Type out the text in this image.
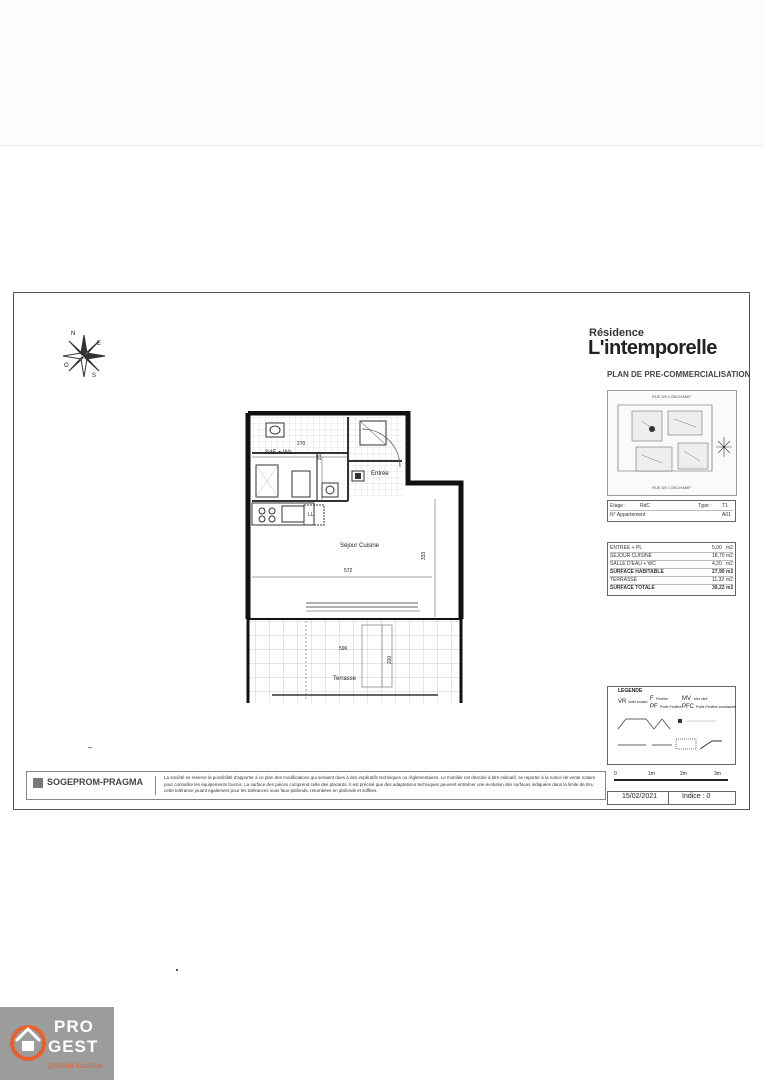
N
E
S
O
Résidence
L'intemporelle
PLAN DE PRE-COMMERCIALISATION
SdE + Wc
Entrée
Séjour Cuisine
Terrasse
LL
270
213
572
333
596
200
RUE DE LONCHAMP
RUE DE LONCHAMP
Etage :	RdC	Type : T1
N° Appartement	A01
ENTREE + PL	5,00 m2
SEJOUR CUISINE	18,70 m2
SALLE D'EAU + WC	4,20 m2
SURFACE HABITABLE	27,90 m2
TERRASSE	11,32 m2
SURFACE TOTALE	39,22 m2
LEGENDE
VR Volet roulant F Fenêtre
PF Porte-Fenêtre
MV Mur vitré
PFC Porte-Fenêtre coulissante
SOGEPROM-PRAGMA	La société se réserve la possibilité d'apporter à ce plan des modifications qui seraient dues à des impératifs techniques ou réglementaires. Le mobilier est dessiné à titre indicatif, se reporter à la notice de vente notaire pour connaître les équipements fournis. La surface des pièces comprend celle des placards. Il est précisé que des adaptations techniques peuvent entraîner une évolution des surfaces indiquées dans la limite de 5%, cette tolérance jouant également pour les tolérances sous faux-plafonds, retombées en plafonds et soffites.
0	1m	2m	3m
15/02/2021	Indice : 0
PRO
GEST
gestion locative
